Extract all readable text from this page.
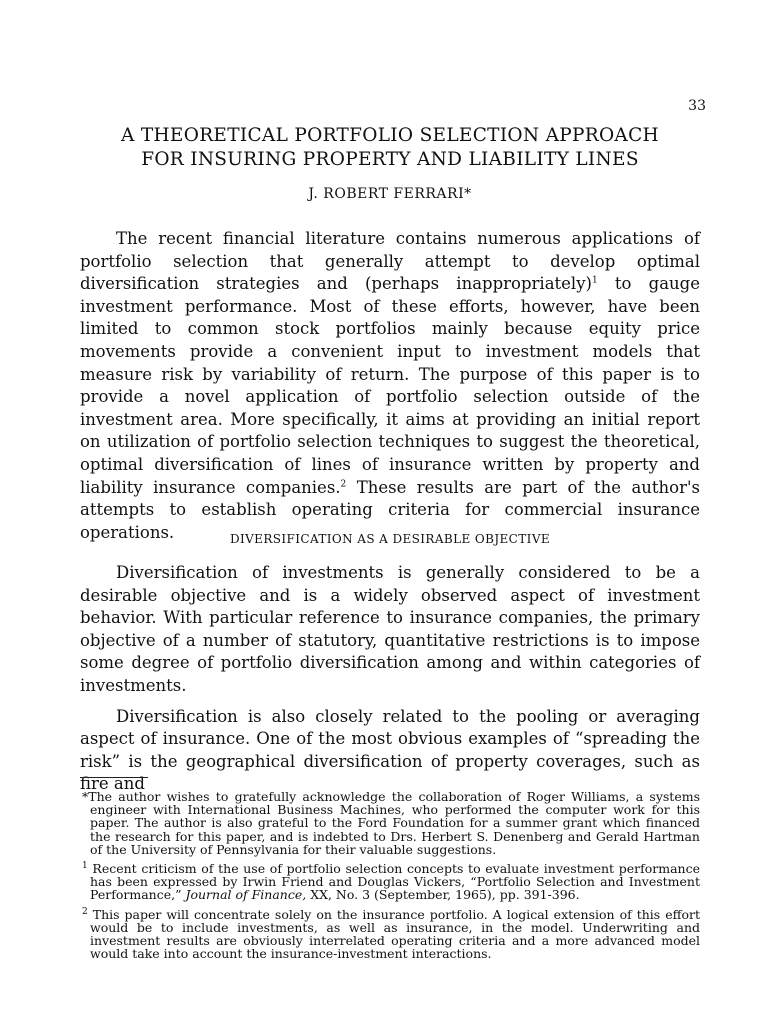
33
A THEORETICAL PORTFOLIO SELECTION APPROACH
FOR INSURING PROPERTY AND LIABILITY LINES
J. ROBERT FERRARI*

The recent financial literature contains numerous applications of portfolio selection that generally attempt to develop optimal diversification strategies and (perhaps inappropriately)$^1$ to gauge investment performance. Most of these efforts, however, have been limited to common stock portfolios mainly because equity price movements provide a convenient input to investment models that measure risk by variability of return. The purpose of this paper is to provide a novel application of portfolio selection outside of the investment area. More specifically, it aims at providing an initial report on utilization of portfolio selection techniques to suggest the theoretical, optimal diversification of lines of insurance written by property and liability insurance companies.$^2$ These results are part of the author's attempts to establish operating criteria for commercial insurance operations.	DIVERSIFICATION AS A DESIRABLE OBJECTIVE

Diversification of investments is generally considered to be a desirable objective and is a widely observed aspect of investment behavior. With particular reference to insurance companies, the primary objective of a number of statutory, quantitative restrictions is to impose some degree of portfolio diversification among and within categories of investments.

Diversification is also closely related to the pooling or averaging aspect of insurance. One of the most obvious examples of “spreading the risk” is the geographical diversification of property coverages, such as fire and

*The author wishes to gratefully acknowledge the collaboration of Roger Williams, a systems engineer with International Business Machines, who performed the computer work for this paper. The author is also grateful to the Ford Foundation for a summer grant which financed the research for this paper, and is indebted to Drs. Herbert S. Denenberg and Gerald Hartman of the University of Pennsylvania for their valuable suggestions.

$^1$ Recent criticism of the use of portfolio selection concepts to evaluate investment performance has been expressed by Irwin Friend and Douglas Vickers, “Portfolio Selection and Investment Performance,” Journal of Finance, XX, No. 3 (September, 1965), pp. 391-396.

$^2$ This paper will concentrate solely on the insurance portfolio. A logical extension of this effort would be to include investments, as well as insurance, in the model. Underwriting and investment results are obviously interrelated operating criteria and a more advanced model would take into account the insurance-investment interactions.
